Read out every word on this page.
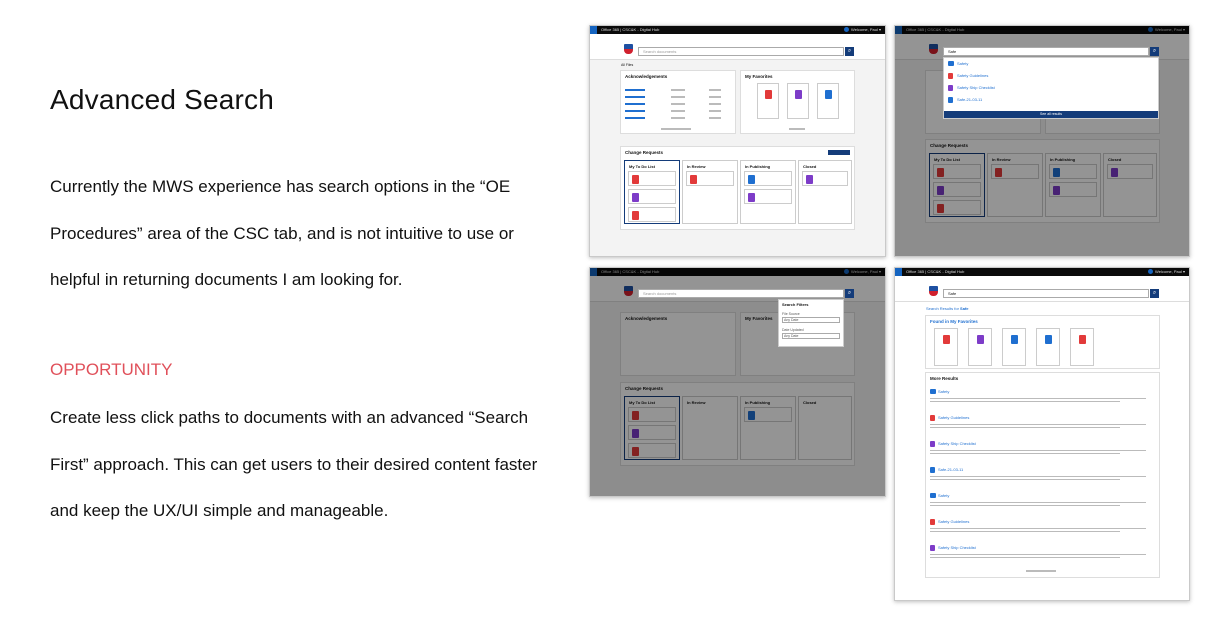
Advanced Search
Currently the MWS experience has search options in the “OE
Procedures” area of the CSC tab, and is not intuitive to use or
helpful in returning documents I am looking for.
OPPORTUNITY
Create less click paths to documents with an advanced “Search
First” approach. This can get users to their desired content faster
and keep the UX/UI simple and manageable.
Office 365 | CSC&K - Digital Hub	Welcome, Paul ▾
Search documents	⌕
All Files
Acknowledgements	My Favorites
Change Requests
My To Do List	In Review	In Publishing	Closed
Office 365 | CSC&K - Digital Hub	Welcome, Paul ▾
Change Requests
My To Do List	In Review	In Publishing	Closed
Safe	⌕
Safety
Safety Guidelines
Safety Ship Checklist
Safe-21-03-11
See all results
Office 365 | CSC&K - Digital Hub	Welcome, Paul ▾
Acknowledgements	My Favorites
Change Requests
My To Do List	In Review	In Publishing	Closed
Search documents	⌕
Search Filters
File Source
Any Date
Date Updated
Any Date
Office 365 | CSC&K - Digital Hub	Welcome, Paul ▾
Safe	⌕
Search Results for Safe
Found in My Favorites
More Results
Safety
Safety Guidelines
Safety Ship Checklist
Safe-21-03-11
Safety
Safety Guidelines
Safety Ship Checklist
